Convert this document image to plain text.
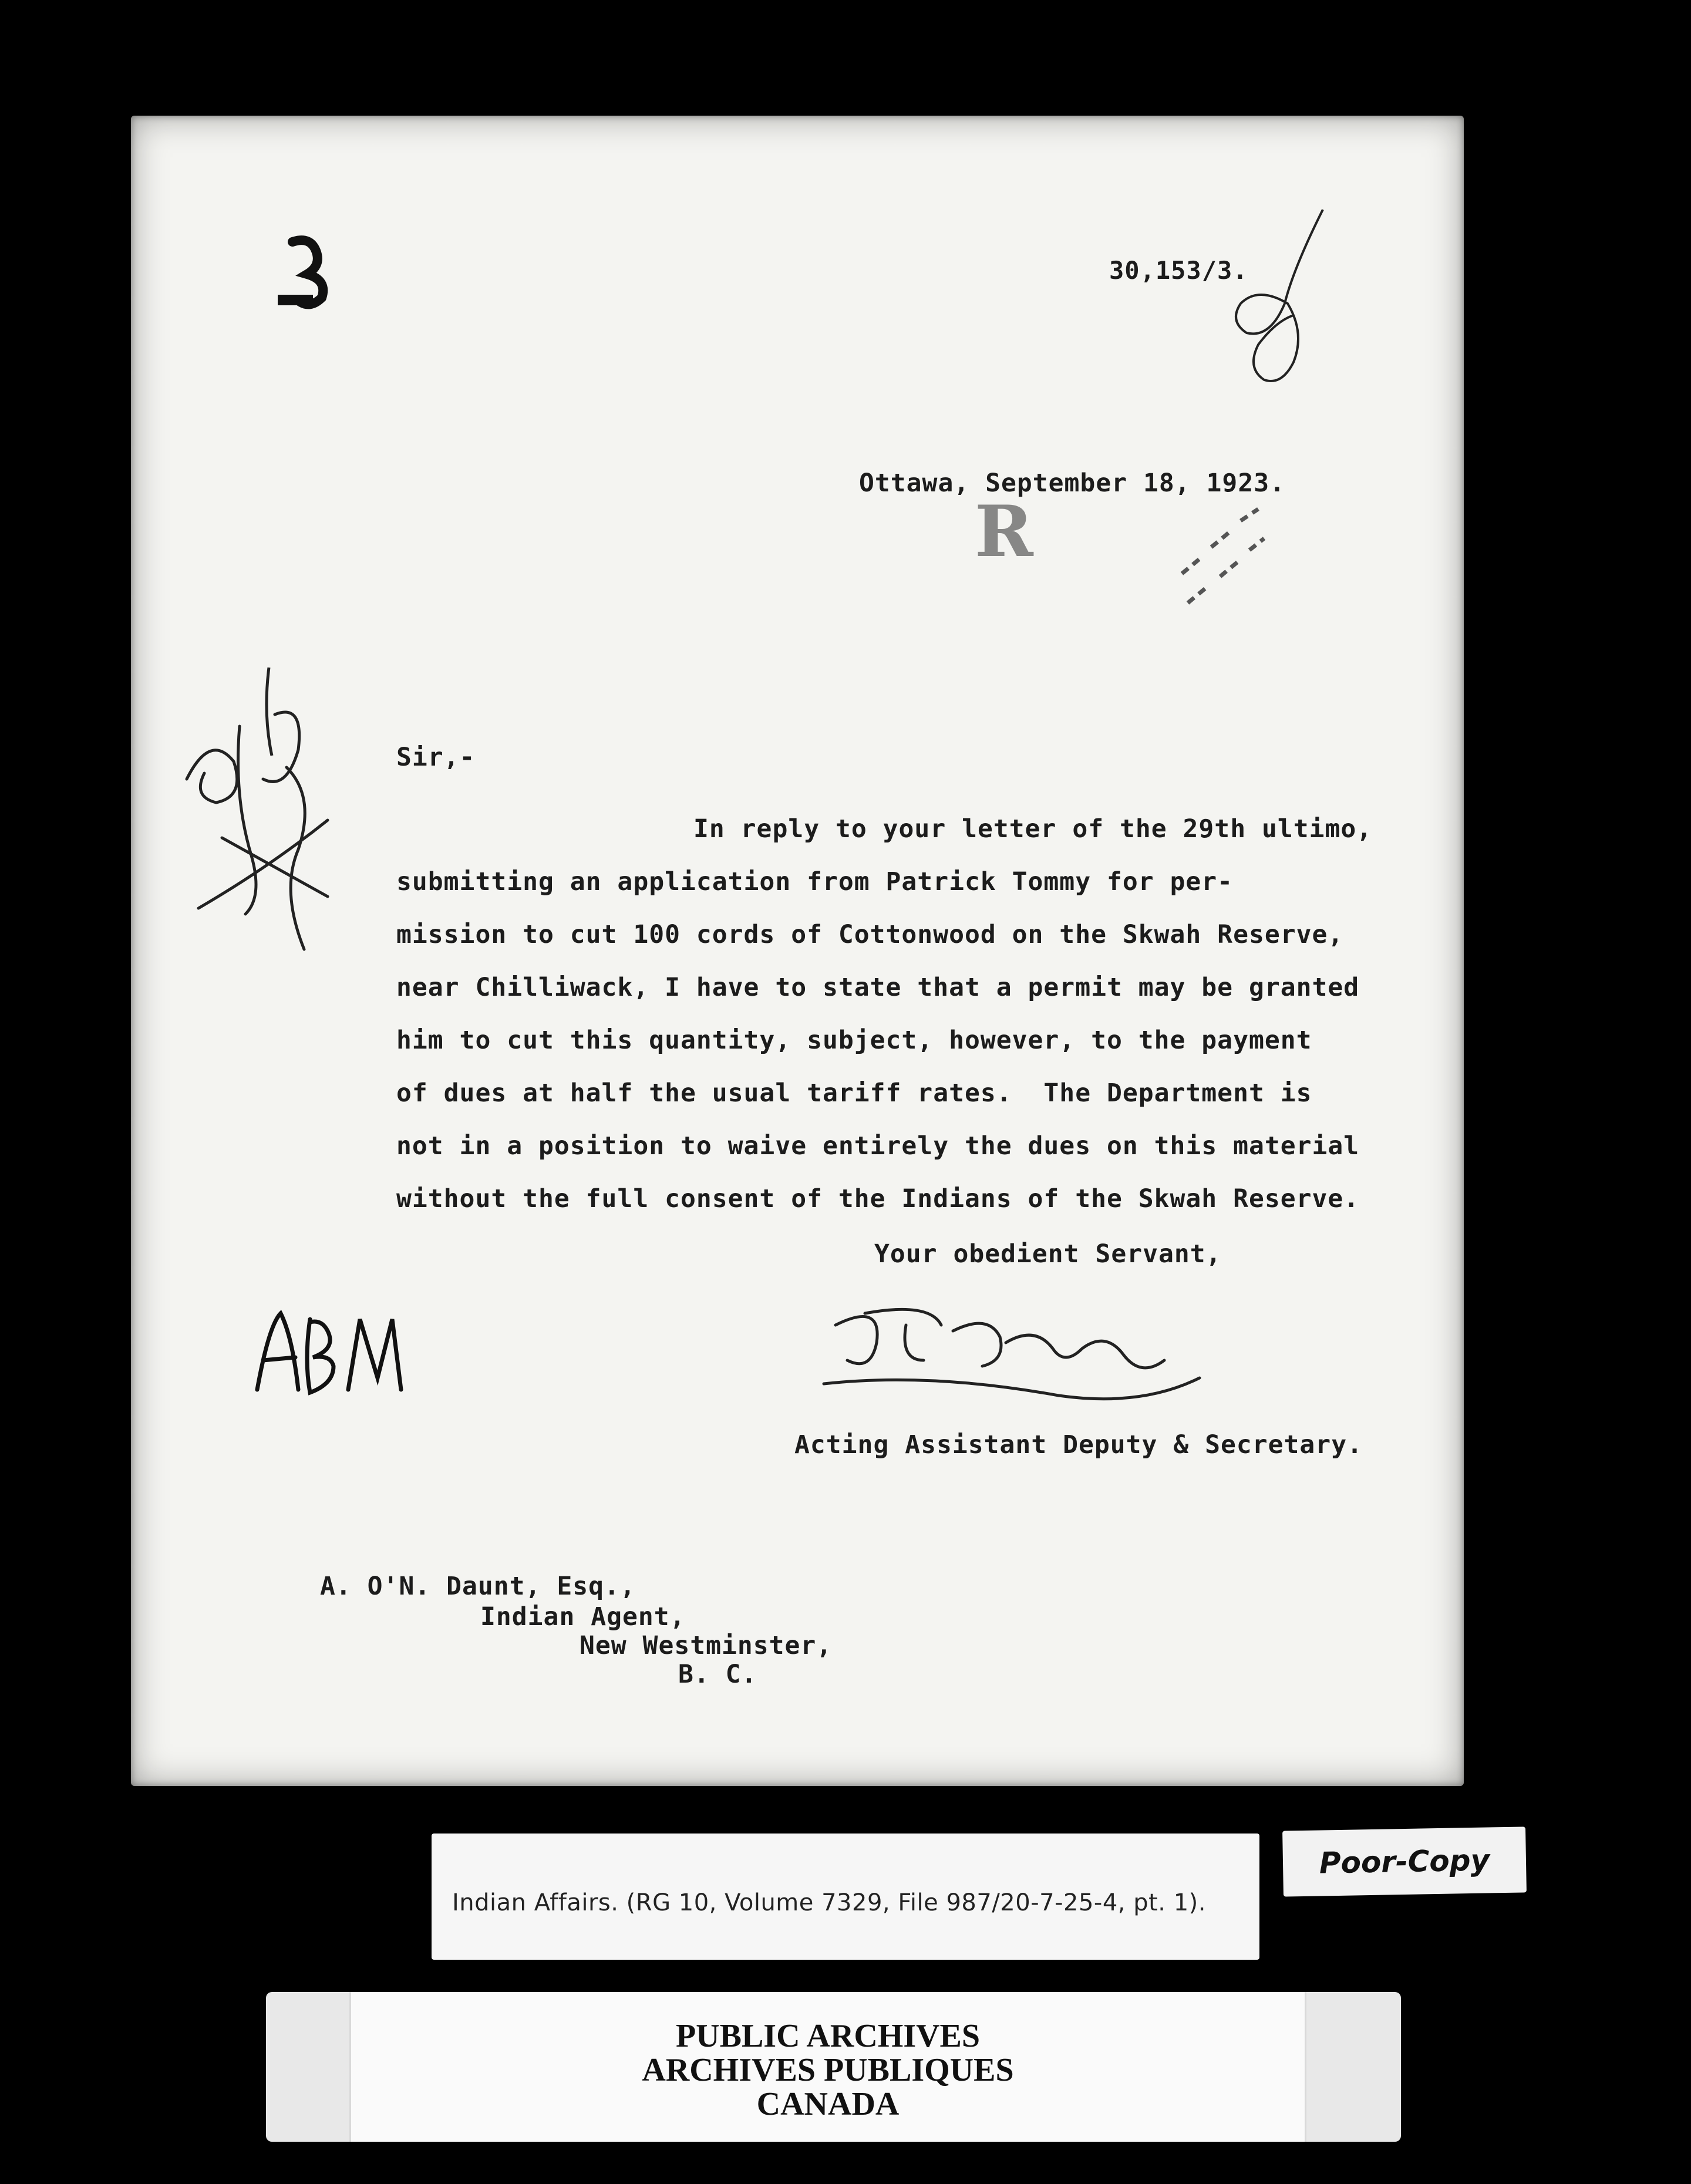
30,153/3.
Ottawa, September 18, 1923.
R
Sir,-
In reply to your letter of the 29th ultimo,
submitting an application from Patrick Tommy for per-
mission to cut 100 cords of Cottonwood on the Skwah Reserve,
near Chilliwack, I have to state that a permit may be granted
him to cut this quantity, subject, however, to the payment
of dues at half the usual tariff rates.  The Department is
not in a position to waive entirely the dues on this material
without the full consent of the Indians of the Skwah Reserve.
Your obedient Servant,
Acting Assistant Deputy & Secretary.
A. O'N. Daunt, Esq.,
Indian Agent,
New Westminster,
B. C.
Indian Affairs. (RG 10, Volume 7329, File 987/20-7-25-4, pt. 1).
Poor-Copy
PUBLIC ARCHIVES
ARCHIVES PUBLIQUES
CANADA
